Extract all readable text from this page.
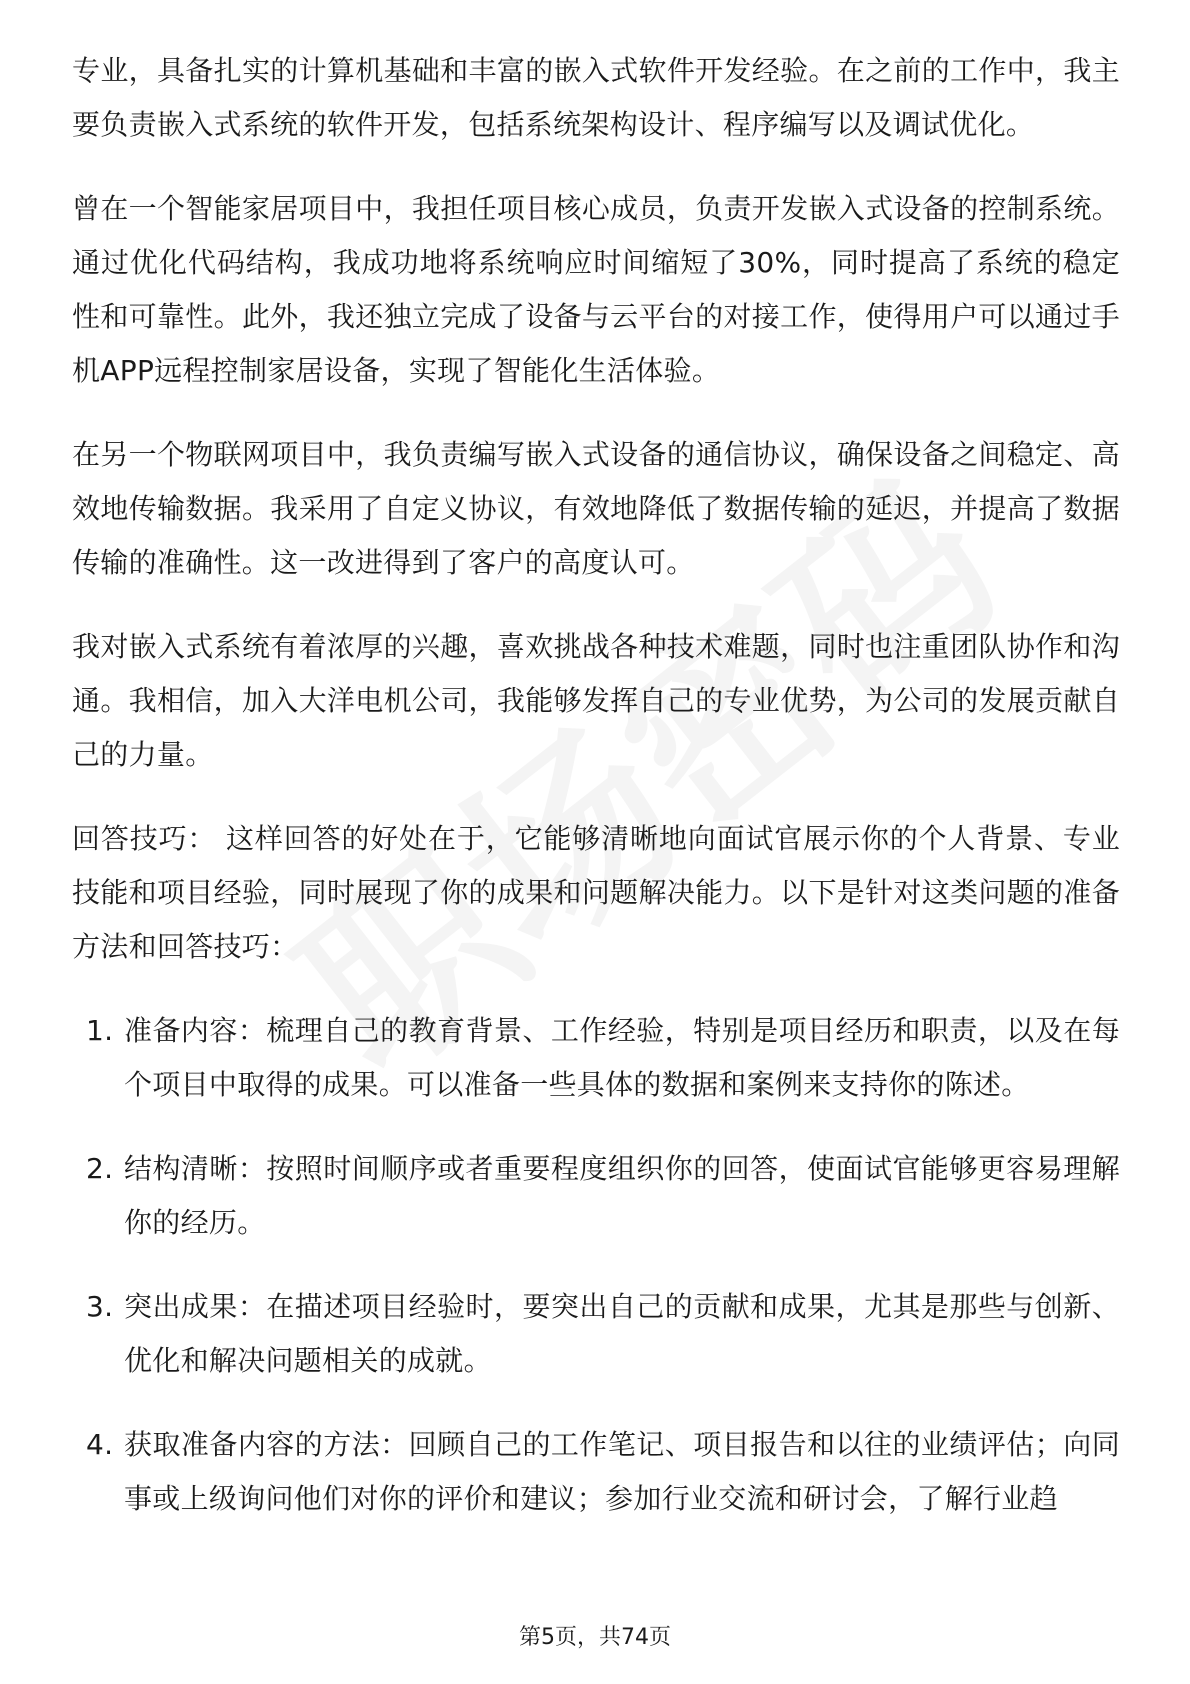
专业，具备扎实的计算机基础和丰富的嵌入式软件开发经验。在之前的工作中，我主要负责嵌入式系统的软件开发，包括系统架构设计、程序编写以及调试优化。

曾在一个智能家居项目中，我担任项目核心成员，负责开发嵌入式设备的控制系统。通过优化代码结构，我成功地将系统响应时间缩短了30%，同时提高了系统的稳定性和可靠性。此外，我还独立完成了设备与云平台的对接工作，使得用户可以通过手机APP远程控制家居设备，实现了智能化生活体验。

在另一个物联网项目中，我负责编写嵌入式设备的通信协议，确保设备之间稳定、高效地传输数据。我采用了自定义协议，有效地降低了数据传输的延迟，并提高了数据传输的准确性。这一改进得到了客户的高度认可。

我对嵌入式系统有着浓厚的兴趣，喜欢挑战各种技术难题，同时也注重团队协作和沟通。我相信，加入大洋电机公司，我能够发挥自己的专业优势，为公司的发展贡献自己的力量。

回答技巧： 这样回答的好处在于，它能够清晰地向面试官展示你的个人背景、专业技能和项目经验，同时展现了你的成果和问题解决能力。以下是针对这类问题的准备方法和回答技巧：

1. 准备内容：梳理自己的教育背景、工作经验，特别是项目经历和职责，以及在每个项目中取得的成果。可以准备一些具体的数据和案例来支持你的陈述。
2. 结构清晰：按照时间顺序或者重要程度组织你的回答，使面试官能够更容易理解你的经历。
3. 突出成果：在描述项目经验时，要突出自己的贡献和成果，尤其是那些与创新、优化和解决问题相关的成就。
4. 获取准备内容的方法：回顾自己的工作笔记、项目报告和以往的业绩评估；向同事或上级询问他们对你的评价和建议；参加行业交流和研讨会，了解行业趋
第5页，共74页
